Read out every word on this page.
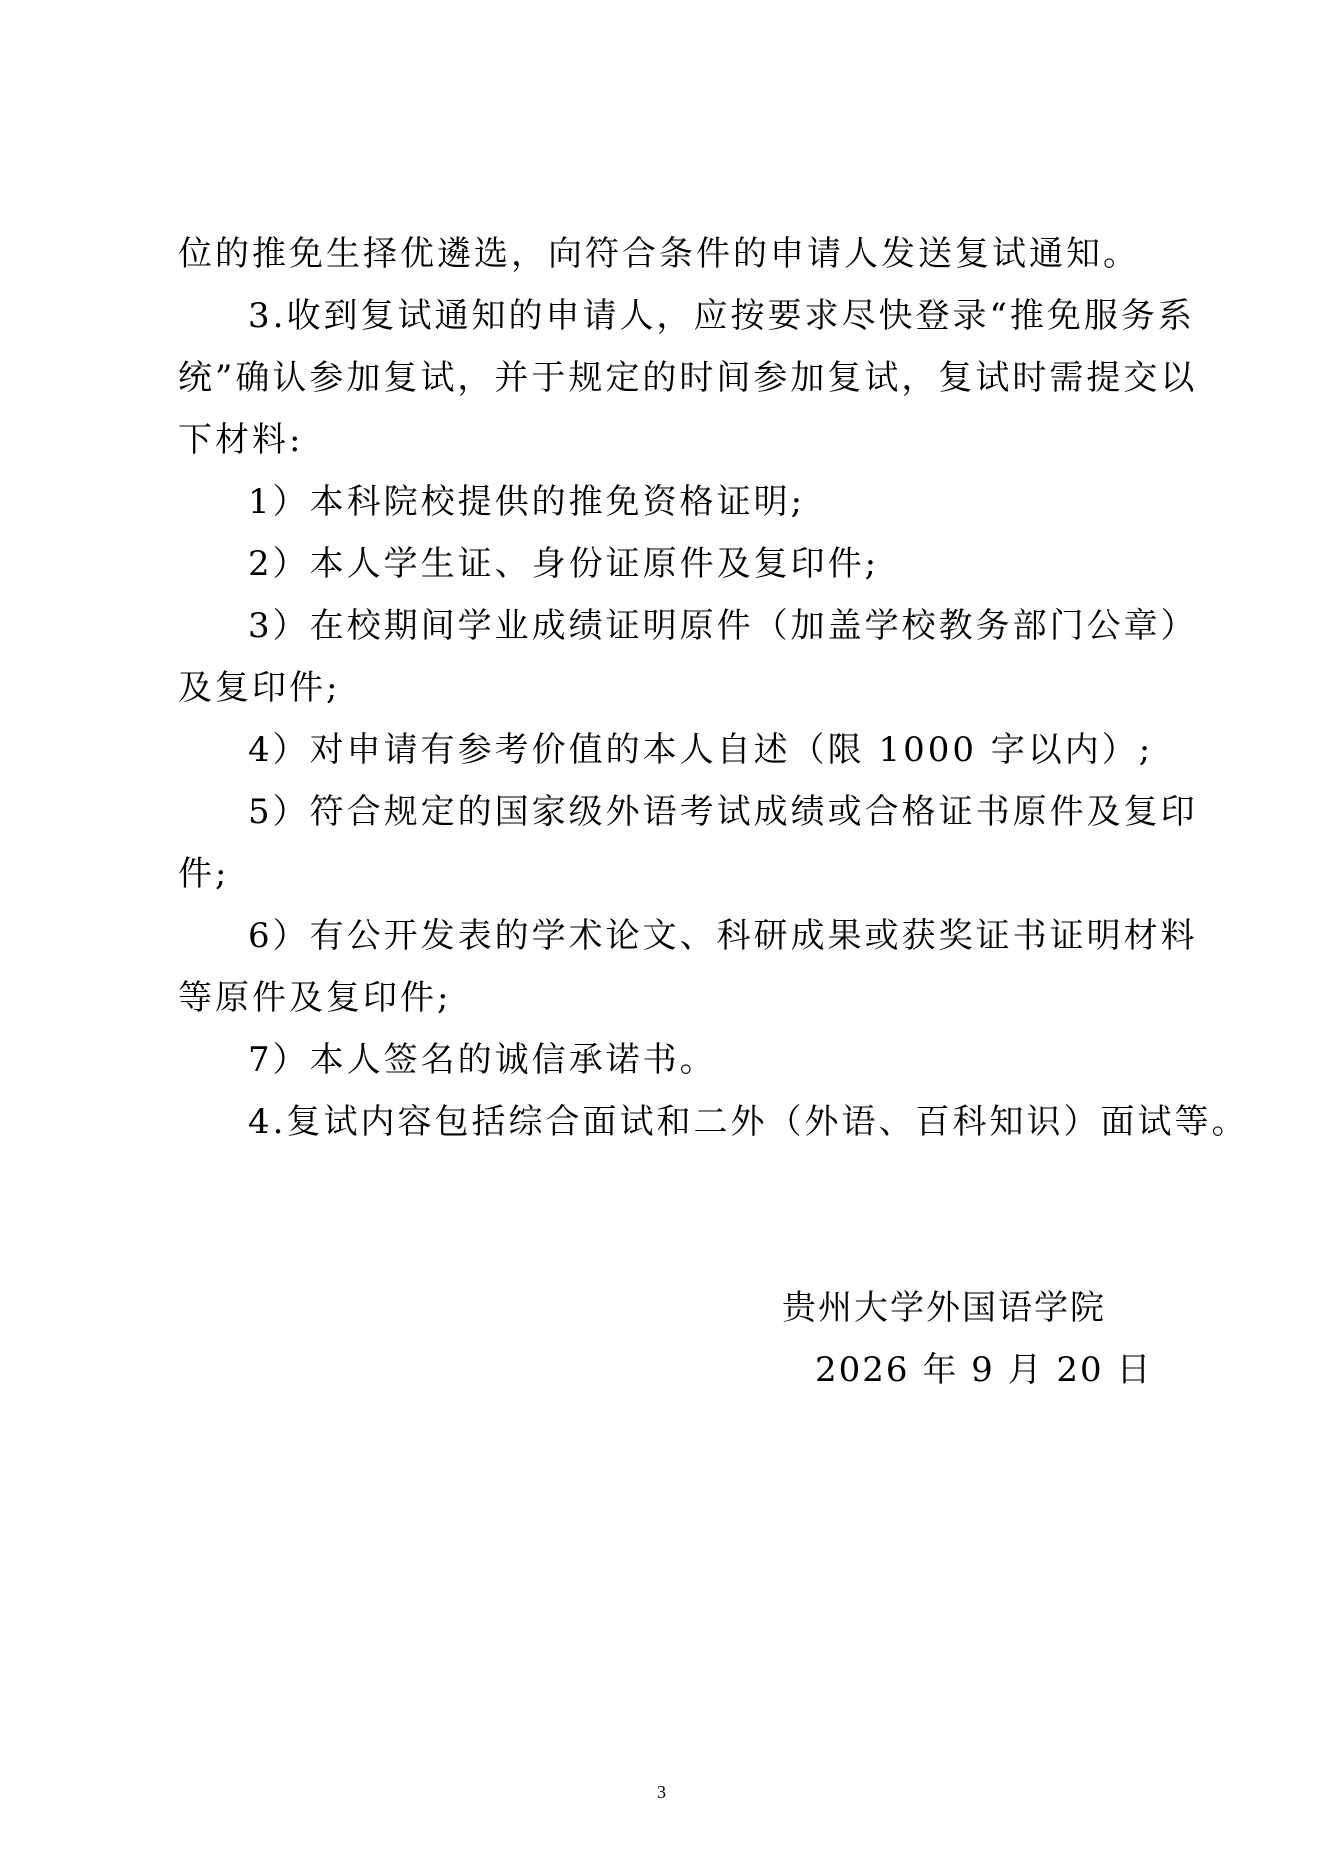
位的推免生择优遴选，向符合条件的申请人发送复试通知。
3.收到复试通知的申请人，应按要求尽快登录“推免服务系
统”确认参加复试，并于规定的时间参加复试，复试时需提交以
下材料:
1）本科院校提供的推免资格证明;
2）本人学生证、身份证原件及复印件;
3）在校期间学业成绩证明原件（加盖学校教务部门公章）
及复印件;
4）对申请有参考价值的本人自述（限 1000 字以内）;
5）符合规定的国家级外语考试成绩或合格证书原件及复印
件;
6）有公开发表的学术论文、科研成果或获奖证书证明材料
等原件及复印件;
7）本人签名的诚信承诺书。
4.复试内容包括综合面试和二外（外语、百科知识）面试等。
贵州大学外国语学院
2026 年 9 月 20 日
3
